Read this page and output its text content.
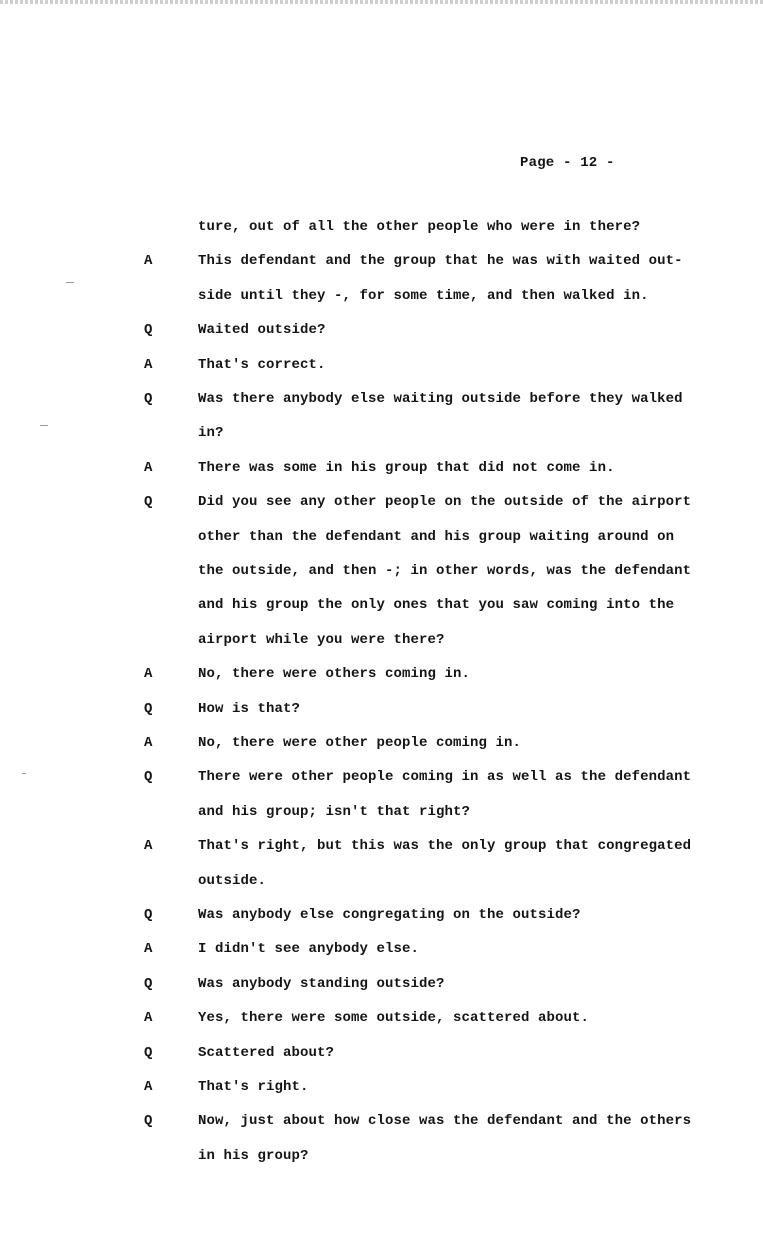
Page - 12 -
ture, out of all the other people who were in there?
A	This defendant and the group that he was with waited out-
side until they -, for some time, and then walked in.
Q	Waited outside?
A	That's correct.
Q	Was there anybody else waiting outside before they walked
in?
A	There was some in his group that did not come in.
Q	Did you see any other people on the outside of the airport
other than the defendant and his group waiting around on
the outside, and then -; in other words, was the defendant
and his group the only ones that you saw coming into the
airport while you were there?
A	No, there were others coming in.
Q	How is that?
A	No, there were other people coming in.
Q	There were other people coming in as well as the defendant
and his group; isn't that right?
A	That's right, but this was the only group that congregated
outside.
Q	Was anybody else congregating on the outside?
A	I didn't see anybody else.
Q	Was anybody standing outside?
A	Yes, there were some outside, scattered about.
Q	Scattered about?
A	That's right.
Q	Now, just about how close was the defendant and the others
in his group?
